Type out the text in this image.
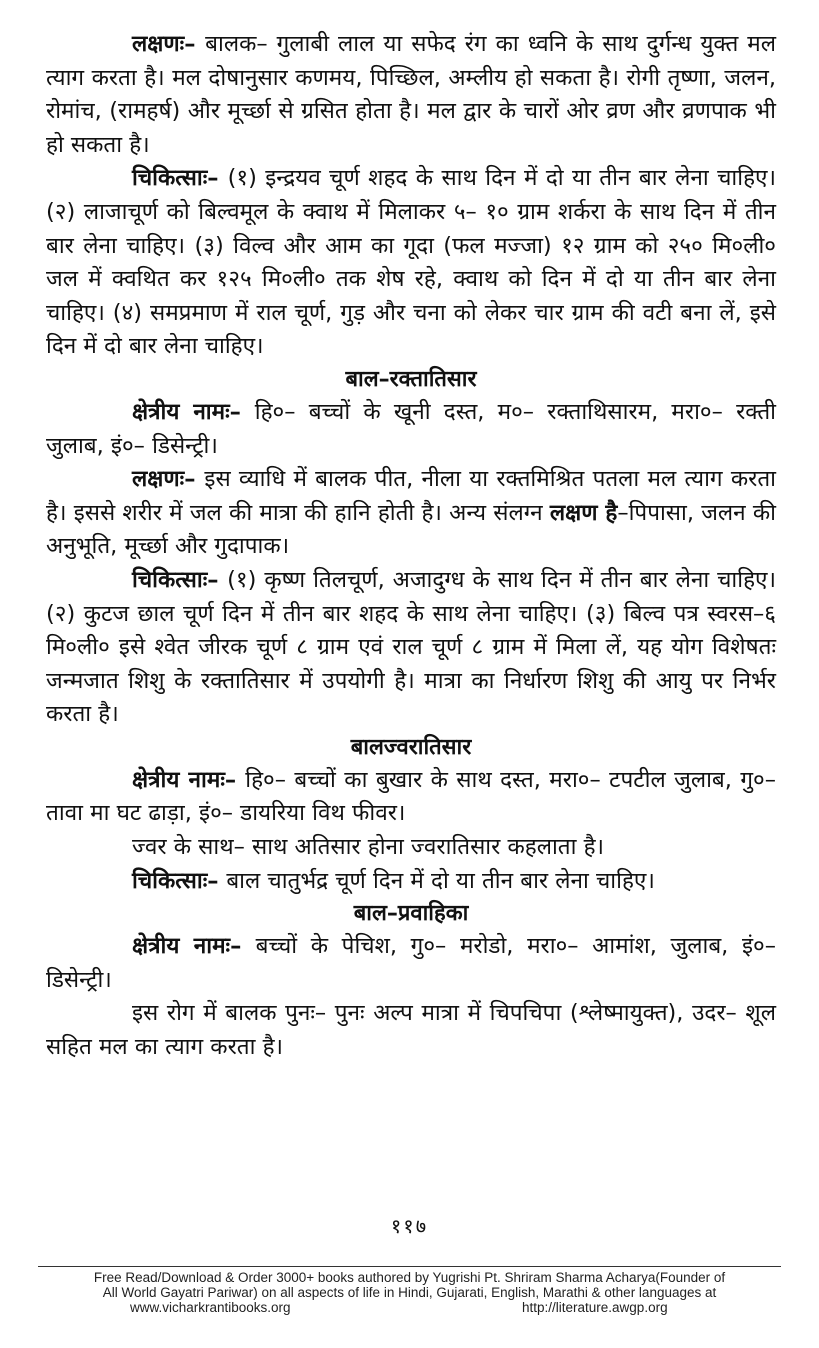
लक्षणः– बालक– गुलाबी लाल या सफेद रंग का ध्वनि के साथ दुर्गन्ध युक्त मल त्याग करता है। मल दोषानुसार कणमय, पिच्छिल, अम्लीय हो सकता है। रोगी तृष्णा, जलन, रोमांच, (रामहर्ष) और मूर्च्छा से ग्रसित होता है। मल द्वार के चारों ओर व्रण और व्रणपाक भी हो सकता है।

चिकित्साः– (१) इन्द्रयव चूर्ण शहद के साथ दिन में दो या तीन बार लेना चाहिए। (२) लाजाचूर्ण को बिल्वमूल के क्वाथ में मिलाकर ५– १० ग्राम शर्करा के साथ दिन में तीन बार लेना चाहिए। (३) विल्व और आम का गूदा (फल मज्जा) १२ ग्राम को २५० मि०ली० जल में क्वथित कर १२५ मि०ली० तक शेष रहे, क्वाथ को दिन में दो या तीन बार लेना चाहिए। (४) समप्रमाण में राल चूर्ण, गुड़ और चना को लेकर चार ग्राम की वटी बना लें, इसे दिन में दो बार लेना चाहिए।

बाल–रक्तातिसार

क्षेत्रीय नामः– हि०– बच्चों के खूनी दस्त, म०– रक्ताथिसारम, मरा०– रक्ती जुलाब, इं०– डिसेन्ट्री।

लक्षणः– इस व्याधि में बालक पीत, नीला या रक्तमिश्रित पतला मल त्याग करता है। इससे शरीर में जल की मात्रा की हानि होती है। अन्य संलग्न लक्षण है–पिपासा, जलन की अनुभूति, मूर्च्छा और गुदापाक।

चिकित्साः– (१) कृष्ण तिलचूर्ण, अजादुग्ध के साथ दिन में तीन बार लेना चाहिए। (२) कुटज छाल चूर्ण दिन में तीन बार शहद के साथ लेना चाहिए। (३) बिल्व पत्र स्वरस–६ मि०ली० इसे श्वेत जीरक चूर्ण ८ ग्राम एवं राल चूर्ण ८ ग्राम में मिला लें, यह योग विशेषतः जन्मजात शिशु के रक्तातिसार में उपयोगी है। मात्रा का निर्धारण शिशु की आयु पर निर्भर करता है।

बालज्वरातिसार

क्षेत्रीय नामः– हि०– बच्चों का बुखार के साथ दस्त, मरा०– टपटील जुलाब, गु०– तावा मा घट ढाड़ा, इं०– डायरिया विथ फीवर।

ज्वर के साथ– साथ अतिसार होना ज्वरातिसार कहलाता है।

चिकित्साः– बाल चातुर्भद्र चूर्ण दिन में दो या तीन बार लेना चाहिए।

बाल–प्रवाहिका

क्षेत्रीय नामः– बच्चों के पेचिश, गु०– मरोडो, मरा०– आमांश, जुलाब, इं०– डिसेन्ट्री।

इस रोग में बालक पुनः– पुनः अल्प मात्रा में चिपचिपा (श्लेष्मायुक्त), उदर– शूल सहित मल का त्याग करता है।

११७
Free Read/Download & Order 3000+ books authored by Yugrishi Pt. Shriram Sharma Acharya(Founder of
All World Gayatri Pariwar) on all aspects of life in Hindi, Gujarati, English, Marathi & other languages at
www.vicharkrantibooks.org	http://literature.awgp.org
